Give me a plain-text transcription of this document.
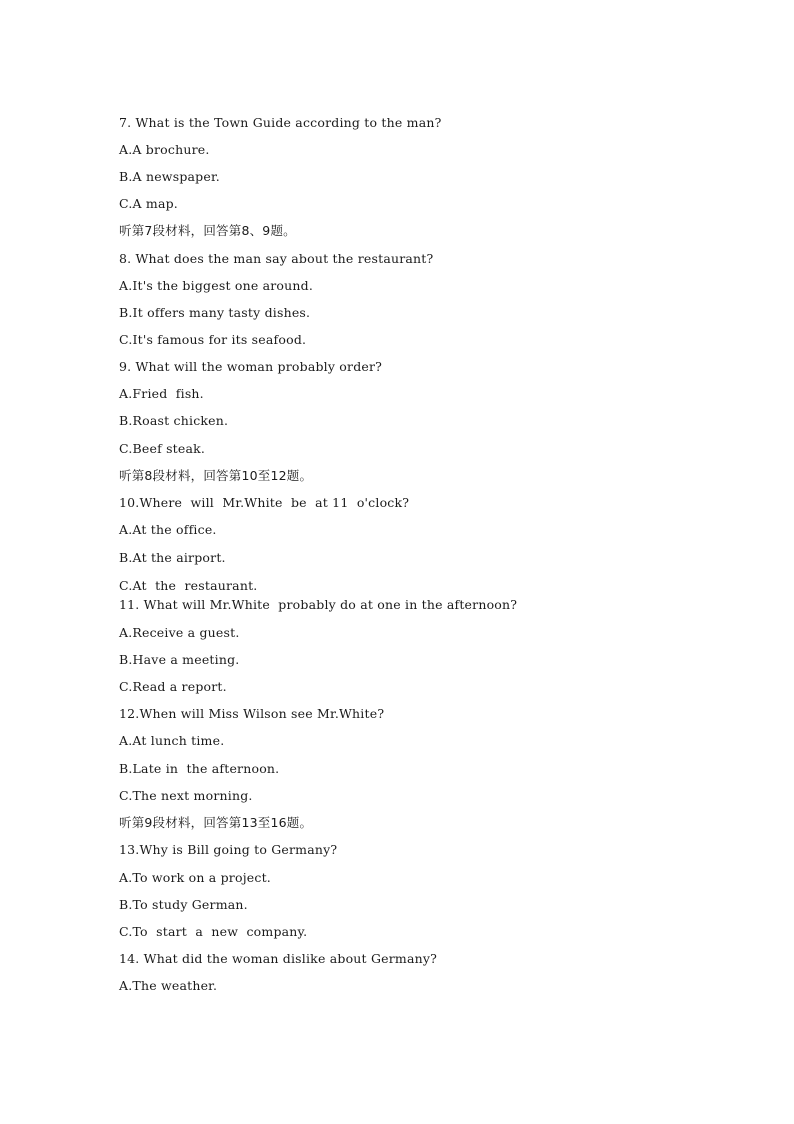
7. What is the Town Guide according to the man?

A.A brochure.

B.A newspaper.

C.A map.

听第7段材料，回答第8、9题。

8. What does the man say about the restaurant?

A.It's the biggest one around.

B.It offers many tasty dishes.

C.It's famous for its seafood.

9. What will the woman probably order?

A.Fried  fish.

B.Roast chicken.

C.Beef steak.

听第8段材料，回答第10至12题。

10.Where  will  Mr.White  be  at 11  o'clock?

A.At the office.

B.At the airport.

C.At  the  restaurant.

11. What will Mr.White  probably do at one in the afternoon?

A.Receive a guest.

B.Have a meeting.

C.Read a report.

12.When will Miss Wilson see Mr.White?

A.At lunch time.

B.Late in  the afternoon.

C.The next morning.

听第9段材料，回答第13至16题。

13.Why is Bill going to Germany?

A.To work on a project.

B.To study German.

C.To  start  a  new  company.

14. What did the woman dislike about Germany?

A.The weather.
